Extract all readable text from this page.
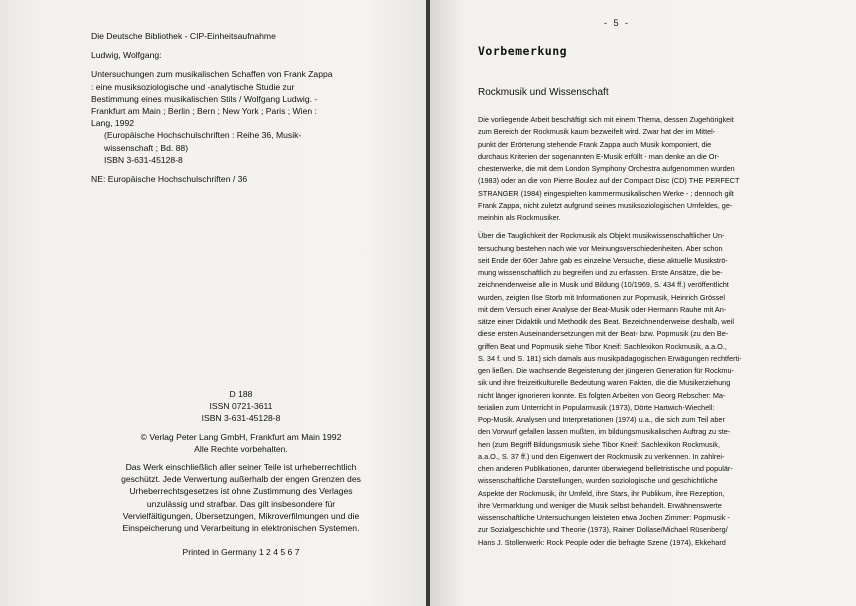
Die Deutsche Bibliothek - CIP-Einheitsaufnahme
Ludwig, Wolfgang:
Untersuchungen zum musikalischen Schaffen von Frank Zappa
: eine musiksoziologische und -analytische Studie zur
Bestimmung eines musikalischen Stils / Wolfgang Ludwig. -
Frankfurt am Main ; Berlin ; Bern ; New York ; Paris ; Wien :
Lang, 1992
(Europäische Hochschulschriften : Reihe 36, Musik-
wissenschaft ; Bd. 88)
ISBN 3-631-45128-8
NE: Europäische Hochschulschriften / 36
D 188
ISSN 0721-3611
ISBN 3-631-45128-8
© Verlag Peter Lang GmbH, Frankfurt am Main 1992
Alle Rechte vorbehalten.
Das Werk einschließlich aller seiner Teile ist urheberrechtlich
geschützt. Jede Verwertung außerhalb der engen Grenzen des
Urheberrechtsgesetzes ist ohne Zustimmung des Verlages
unzulässig und strafbar. Das gilt insbesondere für
Vervielfältigungen, Übersetzungen, Mikroverfilmungen und die
Einspeicherung und Verarbeitung in elektronischen Systemen.
Printed in Germany 1 2 4 5 6 7
- 5 -
Vorbemerkung
Rockmusik und Wissenschaft
Die vorliegende Arbeit beschäftigt sich mit einem Thema, dessen Zugehörigkeit
zum Bereich der Rockmusik kaum bezweifelt wird. Zwar hat der im Mittel-
punkt der Erörterung stehende Frank Zappa auch Musik komponiert, die
durchaus Kriterien der sogenannten E-Musik erfüllt - man denke an die Or-
chesterwerke, die mit dem London Symphony Orchestra aufgenommen wurden
(1983) oder an die von Pierre Boulez auf der Compact Disc (CD) THE PERFECT
STRANGER (1984) eingespielten kammermusikalischen Werke - ; dennoch gilt
Frank Zappa, nicht zuletzt aufgrund seines musiksoziologischen Umfeldes, ge-
meinhin als Rockmusiker.
Über die Tauglichkeit der Rockmusik als Objekt musikwissenschaftlicher Un-
tersuchung bestehen nach wie vor Meinungsverschiedenheiten. Aber schon
seit Ende der 60er Jahre gab es einzelne Versuche, diese aktuelle Musikströ-
mung wissenschaftlich zu begreifen und zu erfassen. Erste Ansätze, die be-
zeichnenderweise alle in Musik und Bildung (10/1969, S. 434 ff.) veröffentlicht
wurden, zeigten Ilse Storb mit Informationen zur Popmusik, Heinrich Grössel
mit dem Versuch einer Analyse der Beat-Musik oder Hermann Rauhe mit An-
sätze einer Didaktik und Methodik des Beat. Bezeichnenderweise deshalb, weil
diese ersten Auseinandersetzungen mit der Beat- bzw. Popmusik (zu den Be-
griffen Beat und Popmusik siehe Tibor Kneif: Sachlexikon Rockmusik, a.a.O.,
S. 34 f. und S. 181) sich damals aus musikpädagogischen Erwägungen rechtferti-
gen ließen. Die wachsende Begeisterung der jüngeren Generation für Rockmu-
sik und ihre freizeitkulturelle Bedeutung waren Fakten, die die Musikerziehung
nicht länger ignorieren konnte. Es folgten Arbeiten von Georg Rebscher: Ma-
terialien zum Unterricht in Popularmusik (1973), Dörte Hartwich-Wiechell:
Pop-Musik. Analysen und Interpretationen (1974) u.a., die sich zum Teil aber
den Vorwurf gefallen lassen mußten, im bildungsmusikalischen Auftrag zu ste-
hen (zum Begriff Bildungsmusik siehe Tibor Kneif: Sachlexikon Rockmusik,
a.a.O., S. 37 ff.) und den Eigenwert der Rockmusik zu verkennen. In zahlrei-
chen anderen Publikationen, darunter überwiegend belletristische und populär-
wissenschaftliche Darstellungen, wurden soziologische und geschichtliche
Aspekte der Rockmusik, ihr Umfeld, ihre Stars, ihr Publikum, ihre Rezeption,
ihre Vermarktung und weniger die Musik selbst behandelt. Erwähnenswerte
wissenschaftliche Untersuchungen leisteten etwa Jochen Zimmer: Popmusik -
zur Sozialgeschichte und Theorie (1973), Rainer Dollase/Michael Rüsenberg/
Hans J. Stollenwerk: Rock People oder die befragte Szene (1974), Ekkehard
